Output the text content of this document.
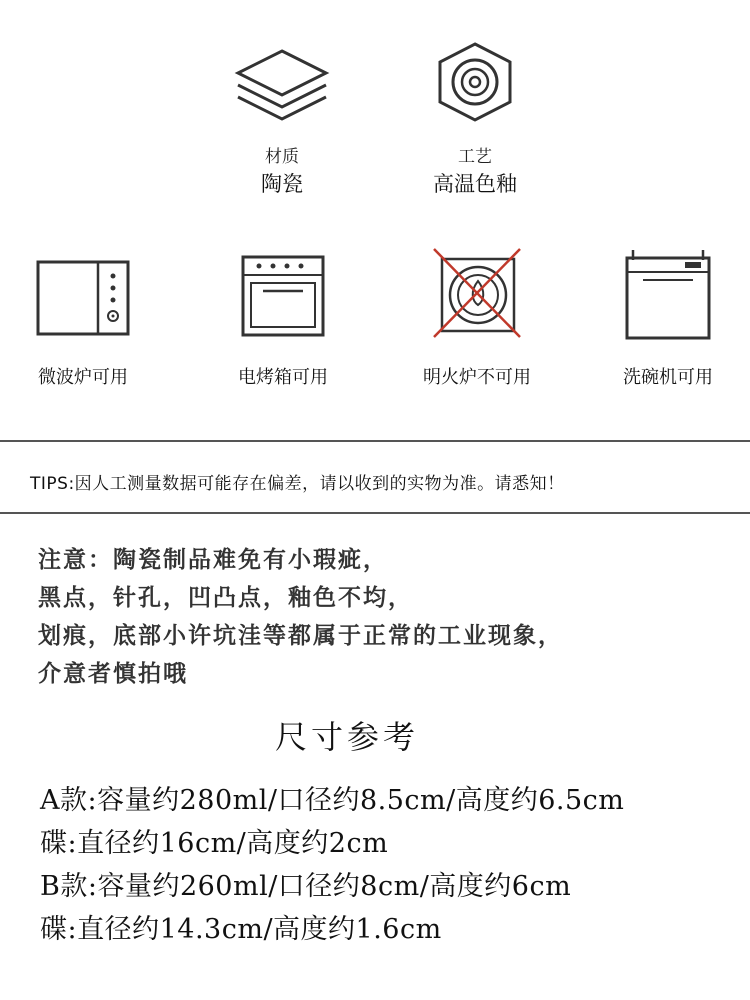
材质
陶瓷
工艺
高温色釉
微波炉可用	电烤箱可用	明火炉不可用	洗碗机可用
TIPS:因人工测量数据可能存在偏差，请以收到的实物为准。请悉知！
注意：陶瓷制品难免有小瑕疵，
黑点，针孔，凹凸点，釉色不均，
划痕，底部小许坑洼等都属于正常的工业现象，
介意者慎拍哦
尺寸参考
A款:容量约280ml/口径约8.5cm/高度约6.5cm
碟:直径约16cm/高度约2cm
B款:容量约260ml/口径约8cm/高度约6cm
碟:直径约14.3cm/高度约1.6cm
